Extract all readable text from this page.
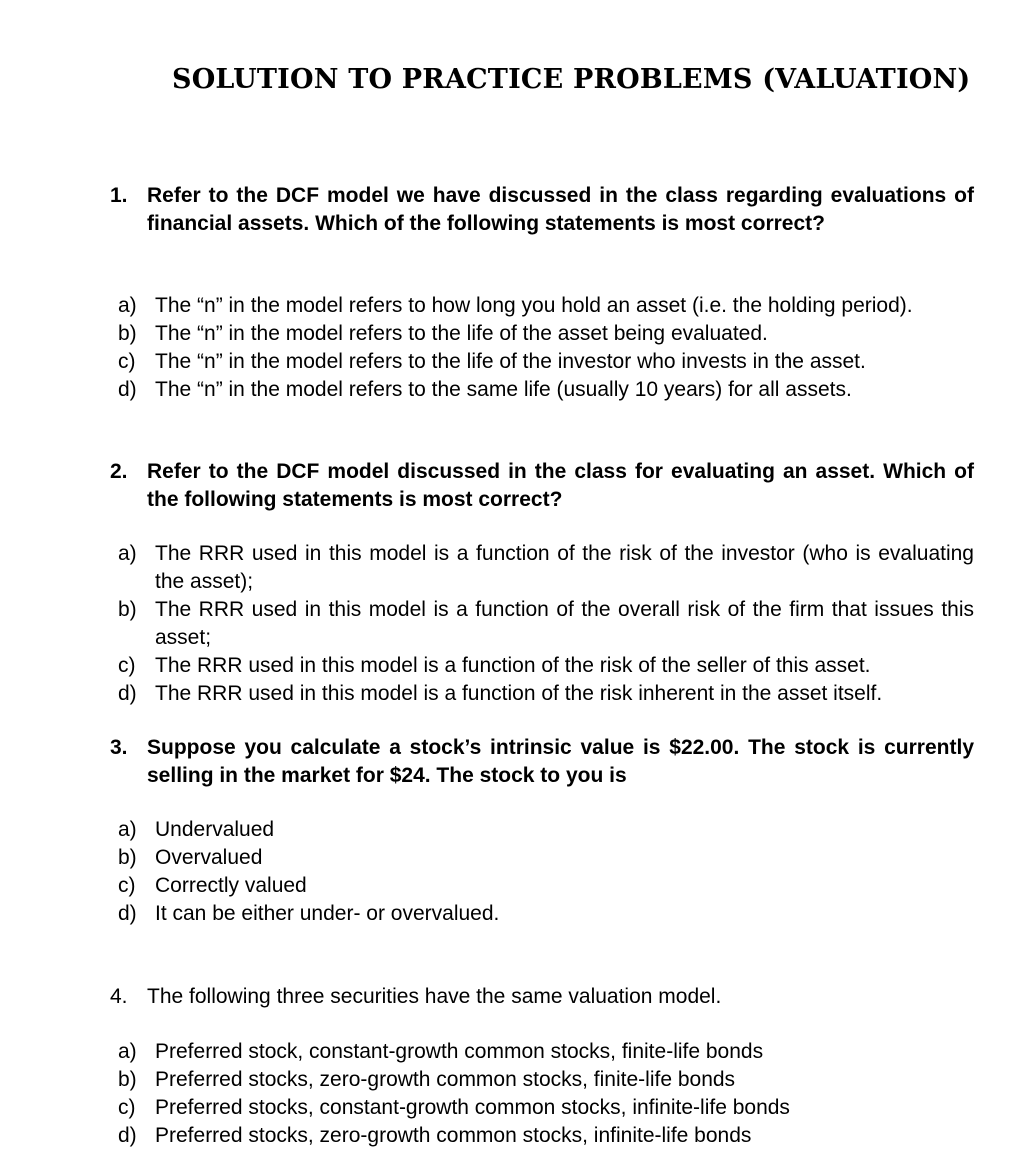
SOLUTION TO PRACTICE PROBLEMS (VALUATION)
1. Refer to the DCF model we have discussed in the class regarding evaluations of financial assets. Which of the following statements is most correct?
a) The “n” in the model refers to how long you hold an asset (i.e. the holding period).
b) The “n” in the model refers to the life of the asset being evaluated.
c) The “n” in the model refers to the life of the investor who invests in the asset.
d) The “n” in the model refers to the same life (usually 10 years) for all assets.
2. Refer to the DCF model discussed in the class for evaluating an asset. Which of the following statements is most correct?
a) The RRR used in this model is a function of the risk of the investor (who is evaluating the asset);
b) The RRR used in this model is a function of the overall risk of the firm that issues this asset;
c) The RRR used in this model is a function of the risk of the seller of this asset.
d) The RRR used in this model is a function of the risk inherent in the asset itself.
3. Suppose you calculate a stock’s intrinsic value is $22.00. The stock is currently selling in the market for $24. The stock to you is
a) Undervalued
b) Overvalued
c) Correctly valued
d) It can be either under- or overvalued.
4. The following three securities have the same valuation model.
a) Preferred stock, constant-growth common stocks, finite-life bonds
b) Preferred stocks, zero-growth common stocks, finite-life bonds
c) Preferred stocks, constant-growth common stocks, infinite-life bonds
d) Preferred stocks, zero-growth common stocks, infinite-life bonds
